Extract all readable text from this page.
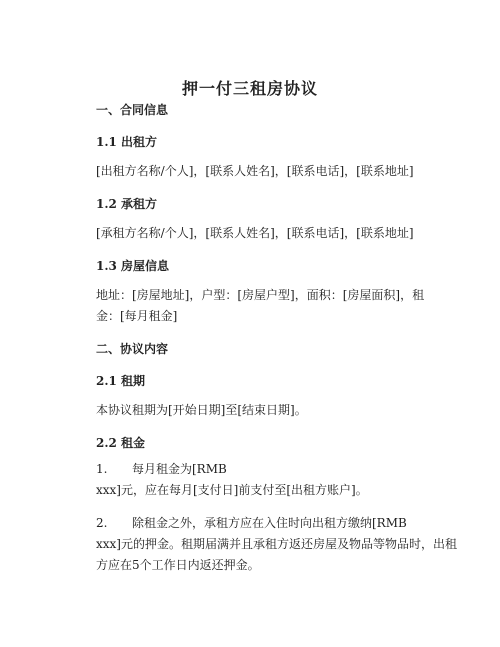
押一付三租房协议
一、合同信息
1.1 出租方
[出租方名称/个人]，[联系人姓名]，[联系电话]，[联系地址]
1.2 承租方
[承租方名称/个人]，[联系人姓名]，[联系电话]，[联系地址]
1.3 房屋信息
地址：[房屋地址]，户型：[房屋户型]，面积：[房屋面积]，租
金：[每月租金]
二、协议内容
2.1 租期
本协议租期为[开始日期]至[结束日期]。
2.2 租金
1. 每月租金为[RMB
xxx]元，应在每月[支付日]前支付至[出租方账户]。
2. 除租金之外，承租方应在入住时向出租方缴纳[RMB
xxx]元的押金。租期届满并且承租方返还房屋及物品等物品时，出租
方应在5个工作日内返还押金。
